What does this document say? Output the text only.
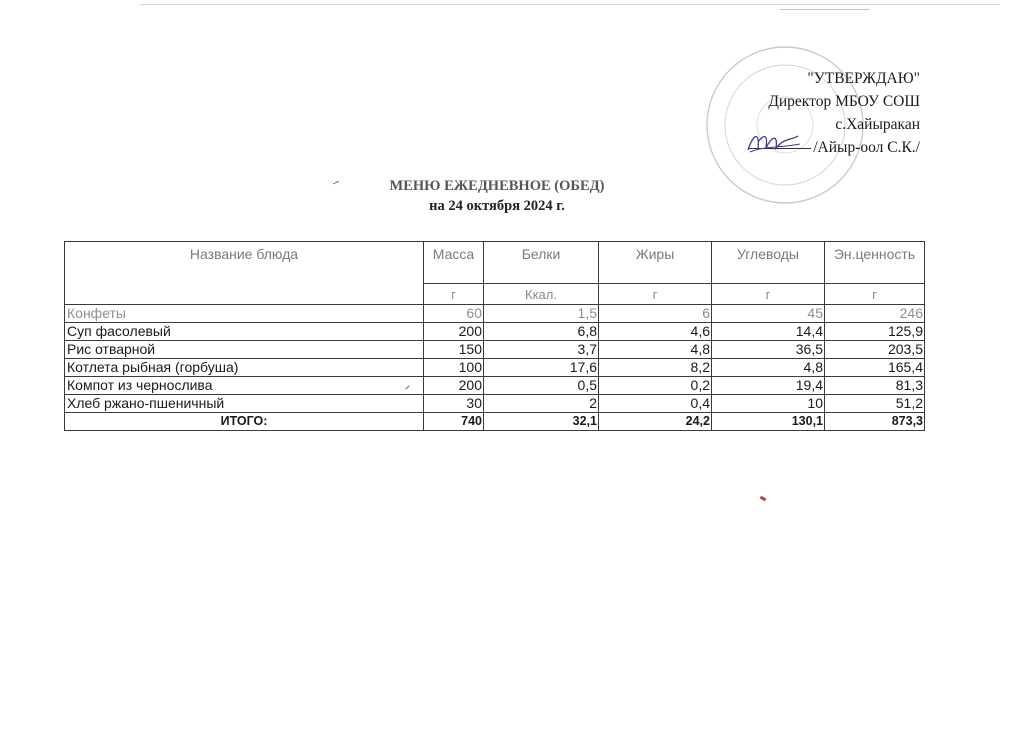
"УТВЕРЖДАЮ"
Директор МБОУ СОШ
с.Хайыракан
/Айыр-оол С.К./
МЕНЮ ЕЖЕДНЕВНОЕ (ОБЕД)
на 24 октября 2024 г.
Название блюда	Масса	Белки	Жиры	Углеводы	Эн.ценность
	г	Ккал.	г	г	г
Конфеты	60	1,5	6	45	246
Суп фасолевый	200	6,8	4,6	14,4	125,9
Рис отварной	150	3,7	4,8	36,5	203,5
Котлета рыбная (горбуша)	100	17,6	8,2	4,8	165,4
Компот из чернослива	200	0,5	0,2	19,4	81,3
Хлеб ржано-пшеничный	30	2	0,4	10	51,2
ИТОГО:	740	32,1	24,2	130,1	873,3
